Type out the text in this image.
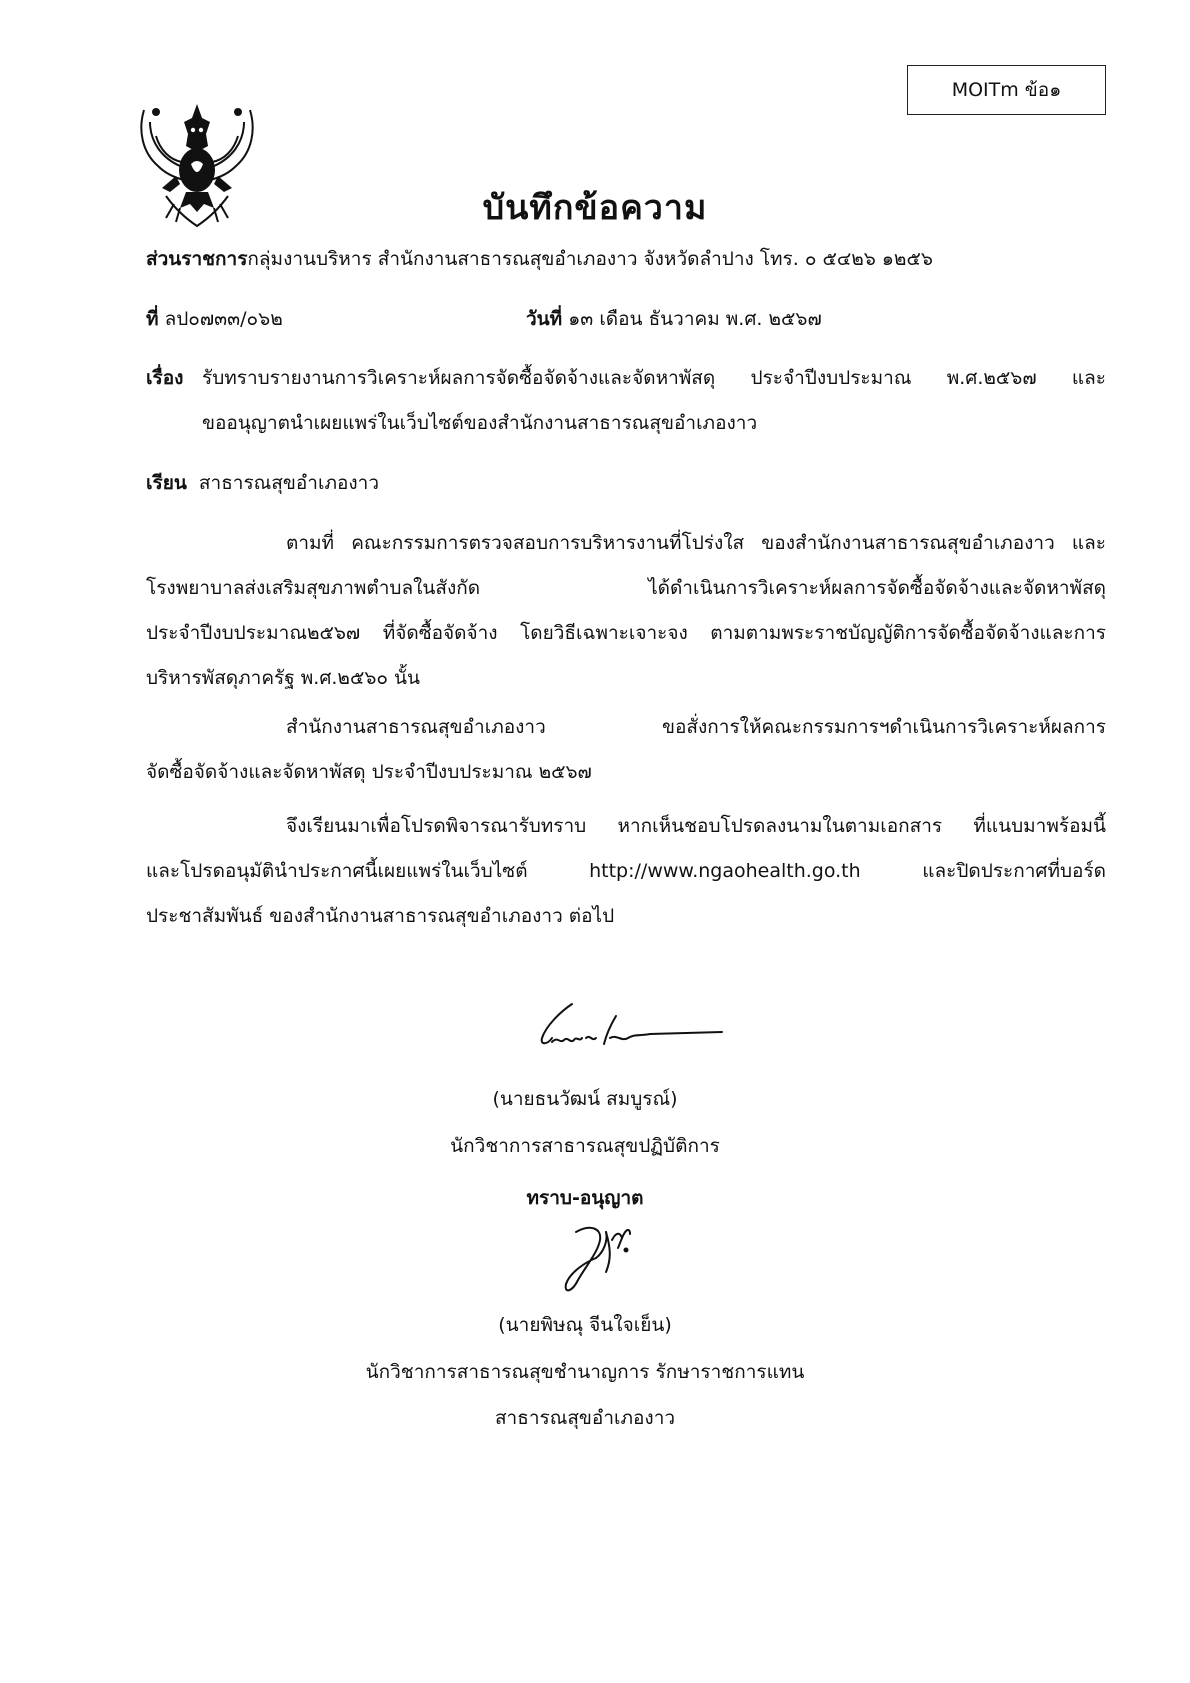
MOITm ข้อ๑
บันทึกข้อความ
ส่วนราชการกลุ่มงานบริหาร สำนักงานสาธารณสุขอำเภองาว จังหวัดลำปาง โทร. ๐ ๕๔๒๖ ๑๒๕๖
ที่ ลป๐๗๓๓/๐๖๒	วันที่ ๑๓ เดือน ธันวาคม พ.ศ. ๒๕๖๗
เรื่อง รับทราบรายงานการวิเคราะห์ผลการจัดซื้อจัดจ้างและจัดหาพัสดุ ประจำปีงบประมาณ พ.ศ.๒๕๖๗ และ
ขออนุญาตนำเผยแพร่ในเว็บไซต์ของสำนักงานสาธารณสุขอำเภองาว
เรียน สาธารณสุขอำเภองาว
ตามที่ คณะกรรมการตรวจสอบการบริหารงานที่โปร่งใส ของสำนักงานสาธารณสุขอำเภองาว และ
โรงพยาบาลส่งเสริมสุขภาพตำบลในสังกัด ได้ดำเนินการวิเคราะห์ผลการจัดซื้อจัดจ้างและจัดหาพัสดุ
ประจำปีงบประมาณ๒๕๖๗ ที่จัดซื้อจัดจ้าง โดยวิธีเฉพาะเจาะจง ตามตามพระราชบัญญัติการจัดซื้อจัดจ้างและการ
บริหารพัสดุภาครัฐ พ.ศ.๒๕๖๐ นั้น
สำนักงานสาธารณสุขอำเภองาว ขอสั่งการให้คณะกรรมการฯดำเนินการวิเคราะห์ผลการ
จัดซื้อจัดจ้างและจัดหาพัสดุ ประจำปีงบประมาณ ๒๕๖๗
จึงเรียนมาเพื่อโปรดพิจารณารับทราบ หากเห็นชอบโปรดลงนามในตามเอกสาร ที่แนบมาพร้อมนี้
และโปรดอนุมัตินำประกาศนี้เผยแพร่ในเว็บไซต์ http://www.ngaohealth.go.th และปิดประกาศที่บอร์ด
ประชาสัมพันธ์ ของสำนักงานสาธารณสุขอำเภองาว ต่อไป
(นายธนวัฒน์ สมบูรณ์)
นักวิชาการสาธารณสุขปฏิบัติการ
ทราบ-อนุญาต
(นายพิษณุ จีนใจเย็น)
นักวิชาการสาธารณสุขชำนาญการ รักษาราชการแทน
สาธารณสุขอำเภองาว
